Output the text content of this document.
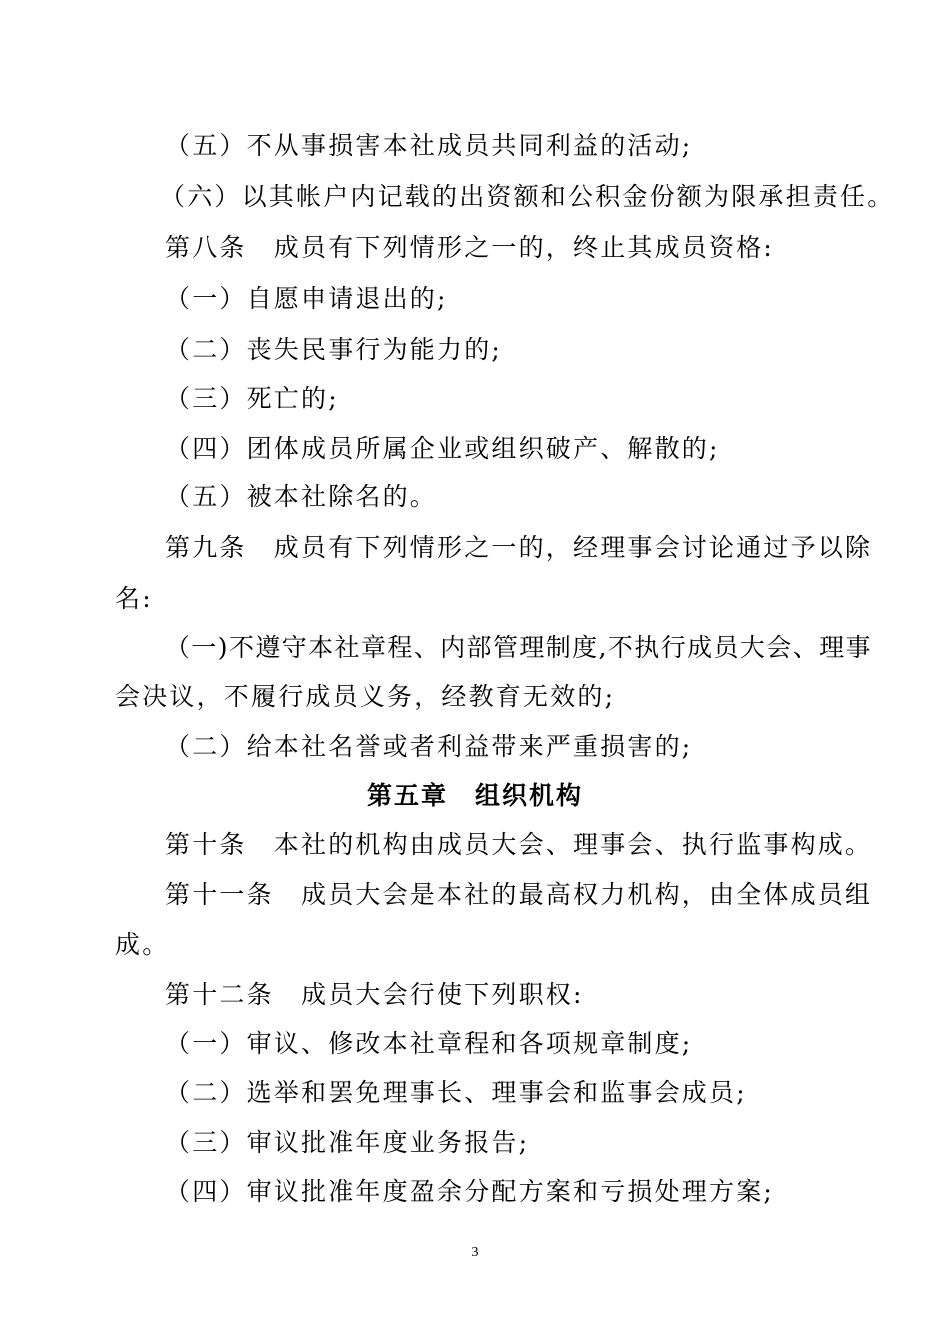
（五）不从事损害本社成员共同利益的活动;
（六）以其帐户内记载的出资额和公积金份额为限承担责任。
第八条　成员有下列情形之一的，终止其成员资格:
（一）自愿申请退出的;
（二）丧失民事行为能力的;
（三）死亡的;
（四）团体成员所属企业或组织破产、解散的;
（五）被本社除名的。
第九条　成员有下列情形之一的，经理事会讨论通过予以除
名:
（一)不遵守本社章程、内部管理制度,不执行成员大会、理事
会决议，不履行成员义务，经教育无效的;
（二）给本社名誉或者利益带来严重损害的;
第五章　组织机构
第十条　本社的机构由成员大会、理事会、执行监事构成。
第十一条　成员大会是本社的最高权力机构，由全体成员组
成。
第十二条　成员大会行使下列职权:
（一）审议、修改本社章程和各项规章制度;
（二）选举和罢免理事长、理事会和监事会成员;
（三）审议批准年度业务报告;
（四）审议批准年度盈余分配方案和亏损处理方案;
3
